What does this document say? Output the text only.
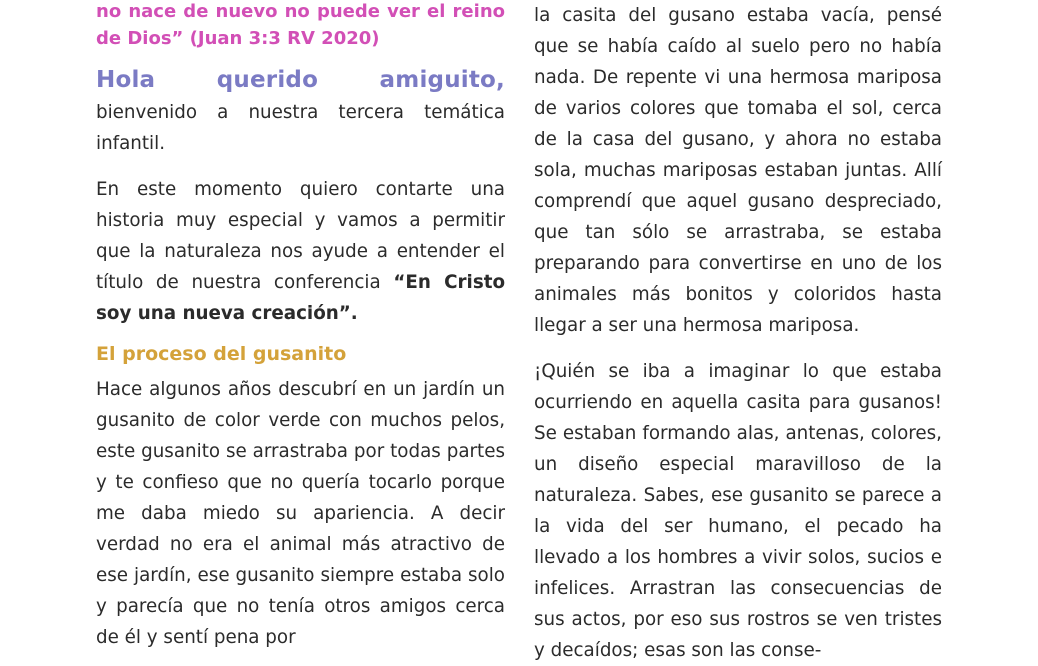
no nace de nuevo no puede ver el reino de Dios” (Juan 3:3 RV 2020)

Hola querido amiguito, bienvenido a nuestra tercera temática infantil.

En este momento quiero contarte una historia muy especial y vamos a permitir que la naturaleza nos ayude a entender el título de nuestra conferencia “En Cristo soy una nueva creación”.

El proceso del gusanito

Hace algunos años descubrí en un jardín un gusanito de color verde con muchos pelos, este gusanito se arrastraba por todas partes y te confieso que no quería tocarlo porque me daba miedo su apariencia. A decir verdad no era el animal más atractivo de ese jardín, ese gusanito siempre estaba solo y parecía que no tenía otros amigos cerca de él y sentí pena por

la casita del gusano estaba vacía, pensé que se había caído al suelo pero no había nada. De repente vi una hermosa mariposa de varios colores que tomaba el sol, cerca de la casa del gusano, y ahora no estaba sola, muchas mariposas estaban juntas. Allí comprendí que aquel gusano despreciado, que tan sólo se arrastraba, se estaba preparando para convertirse en uno de los animales más bonitos y coloridos hasta llegar a ser una hermosa mariposa.

¡Quién se iba a imaginar lo que estaba ocurriendo en aquella casita para gusanos! Se estaban formando alas, antenas, colores, un diseño especial maravilloso de la naturaleza. Sabes, ese gusanito se parece a la vida del ser humano, el pecado ha llevado a los hombres a vivir solos, sucios e infelices. Arrastran las consecuencias de sus actos, por eso sus rostros se ven tristes y decaídos; esas son las conse-
